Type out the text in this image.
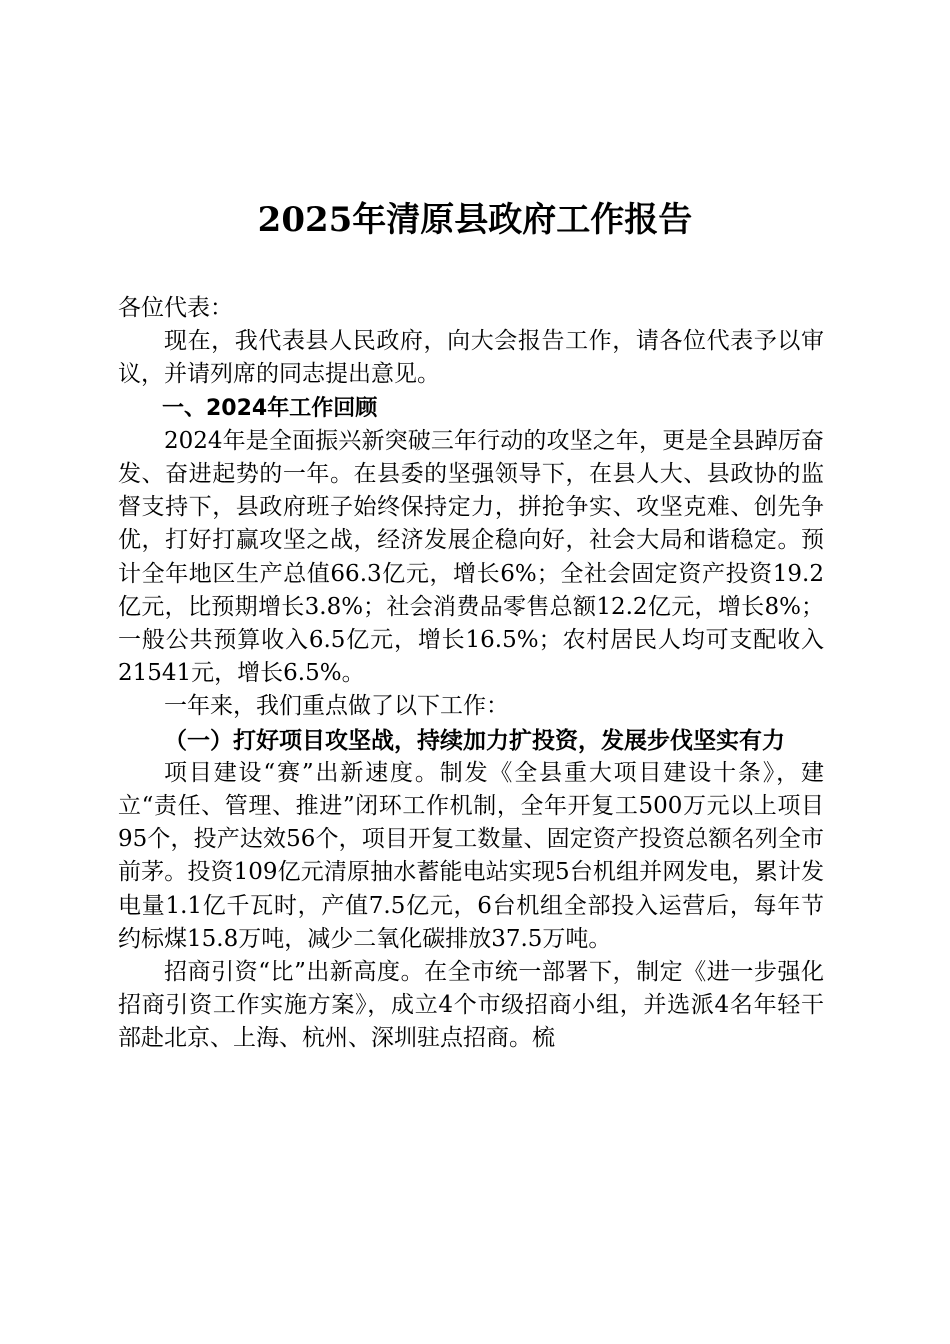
2025年清原县政府工作报告

各位代表：

现在，我代表县人民政府，向大会报告工作，请各位代表予以审议，并请列席的同志提出意见。

一、2024年工作回顾

2024年是全面振兴新突破三年行动的攻坚之年，更是全县踔厉奋发、奋进起势的一年。在县委的坚强领导下，在县人大、县政协的监督支持下，县政府班子始终保持定力，拼抢争实、攻坚克难、创先争优，打好打赢攻坚之战，经济发展企稳向好，社会大局和谐稳定。预计全年地区生产总值66.3亿元，增长6%；全社会固定资产投资19.2亿元，比预期增长3.8%；社会消费品零售总额12.2亿元，增长8%；一般公共预算收入6.5亿元，增长16.5%；农村居民人均可支配收入21541元，增长6.5%。

一年来，我们重点做了以下工作：

（一）打好项目攻坚战，持续加力扩投资，发展步伐坚实有力

项目建设“赛”出新速度。制发《全县重大项目建设十条》，建立“责任、管理、推进”闭环工作机制，全年开复工500万元以上项目95个，投产达效56个，项目开复工数量、固定资产投资总额名列全市前茅。投资109亿元清原抽水蓄能电站实现5台机组并网发电，累计发电量1.1亿千瓦时，产值7.5亿元，6台机组全部投入运营后，每年节约标煤15.8万吨，减少二氧化碳排放37.5万吨。

招商引资“比”出新高度。在全市统一部署下，制定《进一步强化招商引资工作实施方案》，成立4个市级招商小组，并选派4名年轻干部赴北京、上海、杭州、深圳驻点招商。梳
